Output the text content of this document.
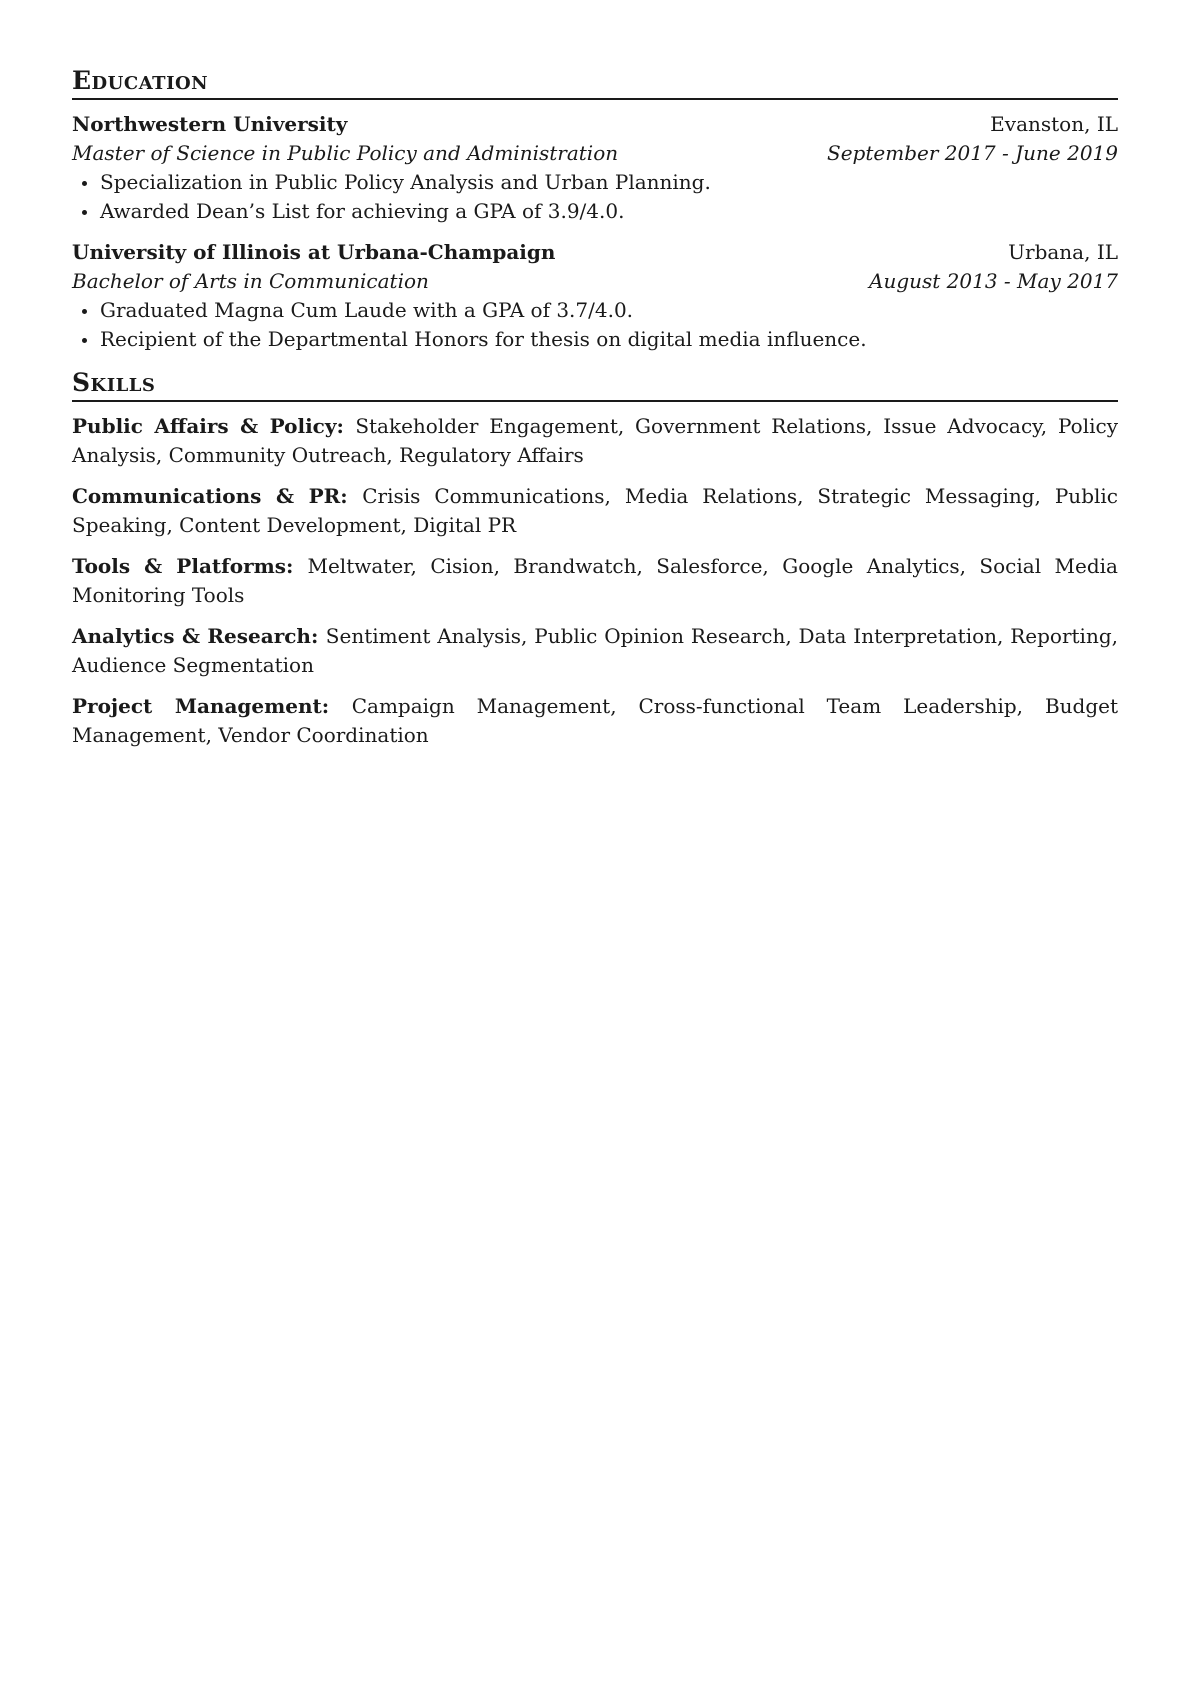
Education
Northwestern University	Evanston, IL
Master of Science in Public Policy and Administration	September 2017 - June 2019
Specialization in Public Policy Analysis and Urban Planning.
Awarded Dean’s List for achieving a GPA of 3.9/4.0.
University of Illinois at Urbana-Champaign	Urbana, IL
Bachelor of Arts in Communication	August 2013 - May 2017
Graduated Magna Cum Laude with a GPA of 3.7/4.0.
Recipient of the Departmental Honors for thesis on digital media influence.
Skills
Public Affairs & Policy: Stakeholder Engagement, Government Relations, Issue Advocacy, Policy Analysis, Community Outreach, Regulatory Affairs
Communications & PR: Crisis Communications, Media Relations, Strategic Messaging, Public Speaking, Content Development, Digital PR
Tools & Platforms: Meltwater, Cision, Brandwatch, Salesforce, Google Analytics, Social Media Monitoring Tools
Analytics & Research: Sentiment Analysis, Public Opinion Research, Data Interpretation, Reporting, Audience Segmentation
Project Management: Campaign Management, Cross-functional Team Leadership, Budget Management, Vendor Coordination
